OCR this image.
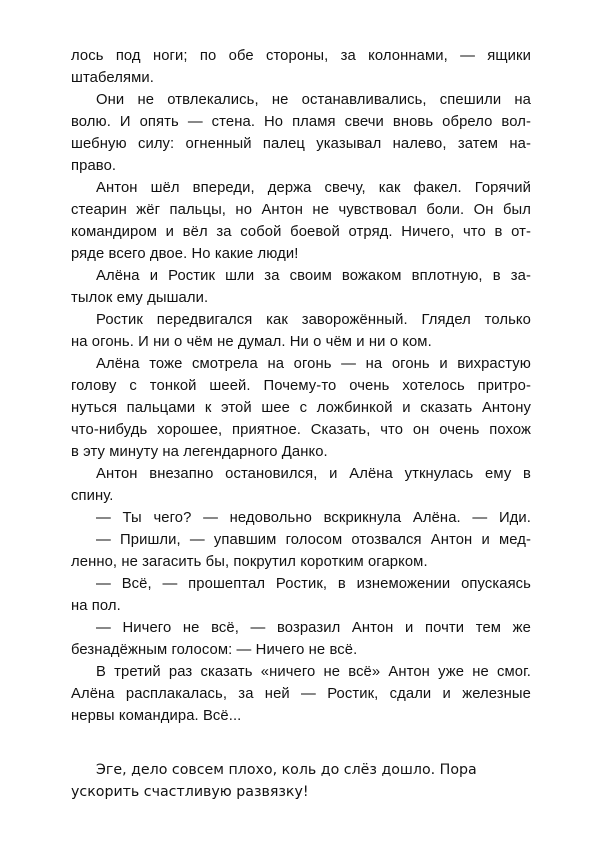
лось под ноги; по обе стороны, за колоннами, — ящики
штабелями.
Они не отвлекались, не останавливались, спешили на
волю. И опять — стена. Но пламя свечи вновь обрело вол-
шебную силу: огненный палец указывал налево, затем на-
право.
Антон шёл впереди, держа свечу, как факел. Горячий
стеарин жёг пальцы, но Антон не чувствовал боли. Он был
командиром и вёл за собой боевой отряд. Ничего, что в от-
ряде всего двое. Но какие люди!
Алёна и Ростик шли за своим вожаком вплотную, в за-
тылок ему дышали.
Ростик передвигался как заворожённый. Глядел только
на огонь. И ни о чём не думал. Ни о чём и ни о ком.
Алёна тоже смотрела на огонь — на огонь и вихрастую
голову с тонкой шеей. Почему-то очень хотелось притро-
нуться пальцами к этой шее с ложбинкой и сказать Антону
что-нибудь хорошее, приятное. Сказать, что он очень похож
в эту минуту на легендарного Данко.
Антон внезапно остановился, и Алёна уткнулась ему в
спину.
— Ты чего? — недовольно вскрикнула Алёна. — Иди.
— Пришли, — упавшим голосом отозвался Антон и мед-
ленно, не загасить бы, покрутил коротким огарком.
— Всё, — прошептал Ростик, в изнеможении опускаясь
на пол.
— Ничего не всё, — возразил Антон и почти тем же
безнадёжным голосом: — Ничего не всё.
В третий раз сказать «ничего не всё» Антон уже не смог.
Алёна расплакалась, за ней — Ростик, сдали и железные
нервы командира. Всё...
Эге, дело совсем плохо, коль до слёз дошло. Пора
ускорить счастливую развязку!
